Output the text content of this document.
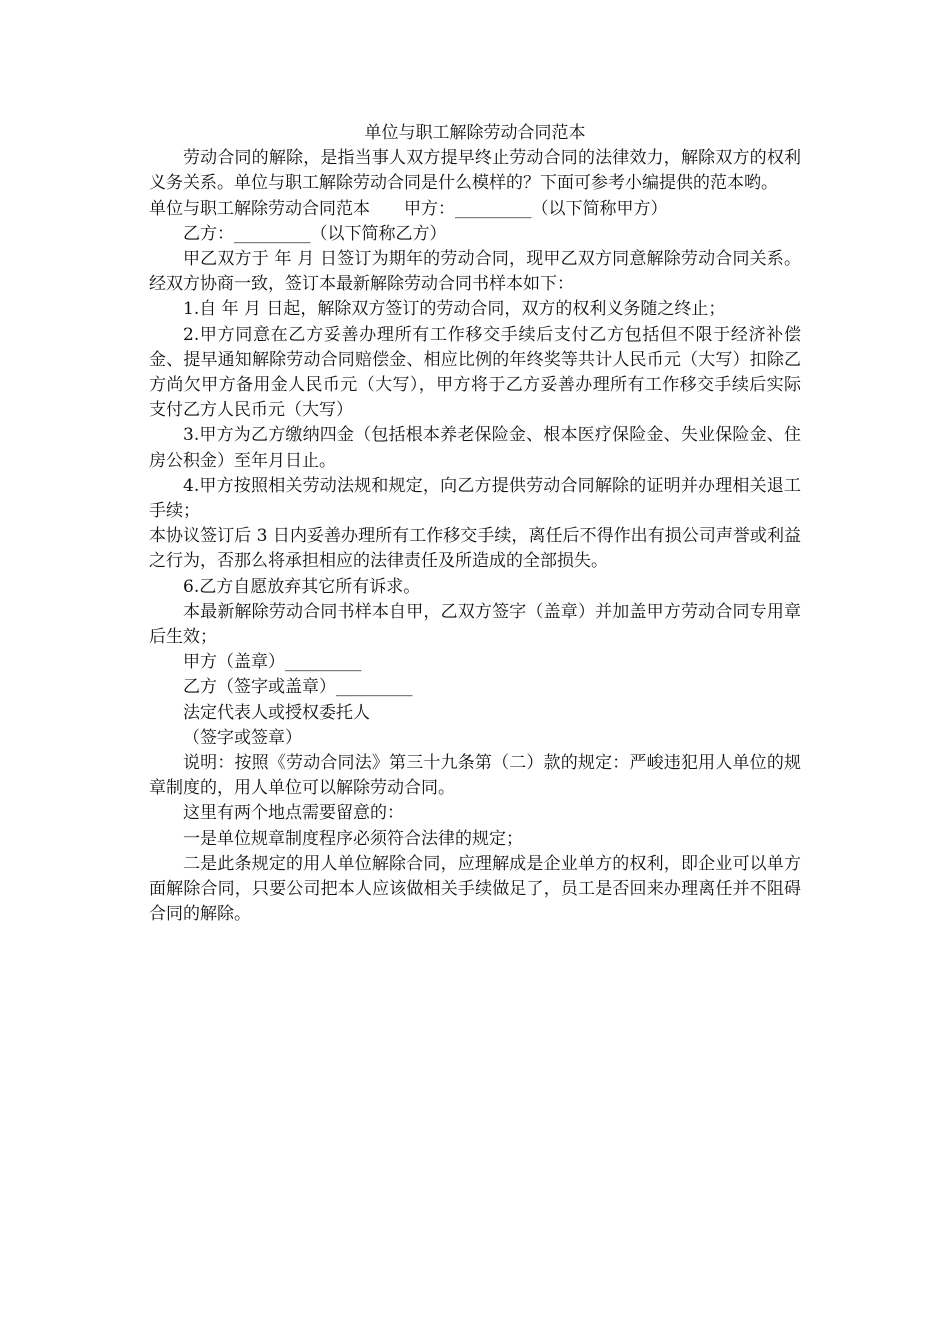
单位与职工解除劳动合同范本

劳动合同的解除，是指当事人双方提早终止劳动合同的法律效力，解除双方的权利义务关系。单位与职工解除劳动合同是什么模样的？下面可参考小编提供的范本哟。

单位与职工解除劳动合同范本　　甲方：_________（以下简称甲方）

乙方：_________（以下简称乙方）

甲乙双方于 年 月 日签订为期年的劳动合同，现甲乙双方同意解除劳动合同关系。经双方协商一致，签订本最新解除劳动合同书样本如下：

1.自 年 月 日起，解除双方签订的劳动合同，双方的权利义务随之终止；

2.甲方同意在乙方妥善办理所有工作移交手续后支付乙方包括但不限于经济补偿金、提早通知解除劳动合同赔偿金、相应比例的年终奖等共计人民币元（大写）扣除乙方尚欠甲方备用金人民币元（大写），甲方将于乙方妥善办理所有工作移交手续后实际支付乙方人民币元（大写）

3.甲方为乙方缴纳四金（包括根本养老保险金、根本医疗保险金、失业保险金、住房公积金）至年月日止。

4.甲方按照相关劳动法规和规定，向乙方提供劳动合同解除的证明并办理相关退工手续；

本协议签订后 3 日内妥善办理所有工作移交手续，离任后不得作出有损公司声誉或利益之行为，否那么将承担相应的法律责任及所造成的全部损失。

6.乙方自愿放弃其它所有诉求。

本最新解除劳动合同书样本自甲，乙双方签字（盖章）并加盖甲方劳动合同专用章后生效；

甲方（盖章）_________

乙方（签字或盖章）_________

法定代表人或授权委托人

（签字或签章）

说明：按照《劳动合同法》第三十九条第（二）款的规定：严峻违犯用人单位的规章制度的，用人单位可以解除劳动合同。

这里有两个地点需要留意的：

一是单位规章制度程序必须符合法律的规定；

二是此条规定的用人单位解除合同，应理解成是企业单方的权利，即企业可以单方面解除合同，只要公司把本人应该做相关手续做足了，员工是否回来办理离任并不阻碍合同的解除。
